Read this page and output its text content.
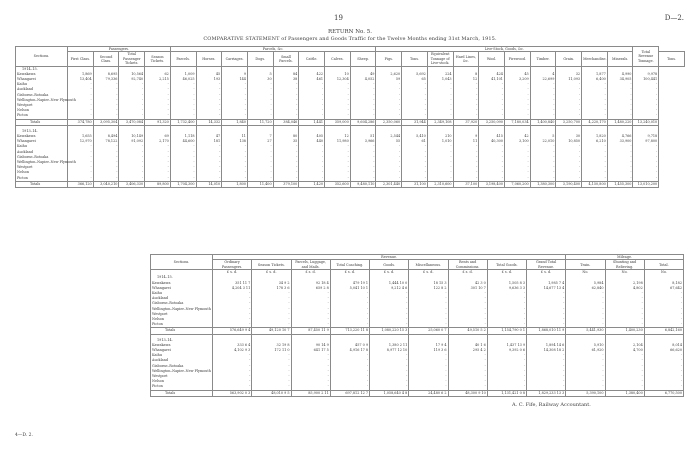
19	D—2.
RETURN No. 5.
COMPARATIVE STATEMENT of Passengers and Goods Traffic for the Twelve Months ending 31st March, 1915.
Sections.	Passengers.				Parcels, &c.								Live-Stock, Goods, &c.										Total Revenue Tonnage.	
	First Class.	Second Class.	Total Passenger Tickets.	Season Tickets.	Parcels.	Horses.	Carriages.	Dogs.	Small Parcels.	Cattle.	Calves.	Sheep.	Pigs.	Tons.	Equivalent Tonnage of Live-stock.	Hard Lines, &c.	Wool.	Firewood.	Timber.	Grain.	Merchandise.	Minerals.		Tons.
1914–15.																								
Kawakawa	1,869	8,695	10,564	62	1,009	45	9	5	84	422	10	49	2,620	5,692	224	8	424	45	4	32	1,877	4,990	9,978	
Whangarei	13,404	79,336	92,740	2,215	46,025	193	144	30	38	461	12,304	4,052	59	65	1,043	12	41,101	3,209	22,699	11,093	6,400	34,905	100,441	
Kaihu	-	-	-	-	-	-	-	-	-	-	-	-	-	-	-	-	-	-	-	-	-	-	-	
Auckland	-	-	-	-	-	-	-	-	-	-	-	-	-	-	-	-	-	-	-	-	-	-	-	
Gisborne–Rotoaka	-	-	-	-	-	-	-	-	-	-	-	-	-	-	-	-	-	-	-	-	-	-	-	
Wellington–Napier–New Plymouth	-	-	-	-	-	-	-	-	-	-	-	-	-	-	-	-	-	-	-	-	-	-	-	
Westport	-	-	-	-	-	-	-	-	-	-	-	-	-	-	-	-	-	-	-	-	-	-	-	
Nelson	-	-	-	-	-	-	-	-	-	-	-	-	-	-	-	-	-	-	-	-	-	-	-	
Picton	-	-	-	-	-	-	-	-	-	-	-	-	-	-	-	-	-	-	-	-	-	-	-	
Totals	374,780	3,095,304	3,470,084	91,320	1,732,400	14,332	1,840	11,720	384,046	1,441	359,000	9,604,286	2,350,060	31,944	2,349,108	37,920	3,250,090	7,180,034	1,400,840	3,250,700	4,220,170	1,480,220	13,240,010	

1913–14.																								
Kawakawa	1,655	8,494	10,149	69	1,118	47	11	7	80	405	12	51	2,544	5,410	210	9	415	42	5	30	1,820	4,766	9,718	
Whangarei	12,970	78,122	91,092	2,170	44,600	181	138	27	35	440	11,980	3,966	55	61	1,010	11	40,300	3,100	22,010	10,850	6,210	33,900	97,800	
Kaihu	-	-	-	-	-	-	-	-	-	-	-	-	-	-	-	-	-	-	-	-	-	-	-	
Auckland	-	-	-	-	-	-	-	-	-	-	-	-	-	-	-	-	-	-	-	-	-	-	-	
Gisborne–Rotoaka	-	-	-	-	-	-	-	-	-	-	-	-	-	-	-	-	-	-	-	-	-	-	-	
Wellington–Napier–New Plymouth	-	-	-	-	-	-	-	-	-	-	-	-	-	-	-	-	-	-	-	-	-	-	-	
Westport	-	-	-	-	-	-	-	-	-	-	-	-	-	-	-	-	-	-	-	-	-	-	-	
Nelson	-	-	-	-	-	-	-	-	-	-	-	-	-	-	-	-	-	-	-	-	-	-	-	
Picton	-	-	-	-	-	-	-	-	-	-	-	-	-	-	-	-	-	-	-	-	-	-	-	
Totals	366,120	3,040,210	3,406,330	89,800	1,704,300	14,010	1,800	11,400	379,100	1,420	352,600	9,480,110	2,301,440	31,100	2,310,600	37,100	3,198,400	7,060,200	1,380,300	3,190,400	4,150,800	1,455,300	13,010,200	
Sections.	Revenue.									Mileage.		
	Ordinary Passengers.	Season Tickets.	Parcels, Luggage, and Mails.	Total Coaching.	Goods.	Miscellaneous.	Rents and Commissions.	Total Goods.	Grand Total Revenue.	Train.	Shunting and Relieving.	Total.
	£ s. d.	£ s. d.	£ s. d.	£ s. d.	£ s. d.	£ s. d.	£ s. d.	£ s. d.	£ s. d.	No.	No.	No.
1914–15.												
Kawakawa	351 11 7	34 9 2	92 18 4	479 19 1	1,444 10 0	18 15 3	42 3 0	1,505 8 3	1,985 7 4	5,984	2,198	8,182
Whangarei	4,204 3 11	178 3 6	659 2 8	5,041 10 1	9,212 4 6	122 8 2	301 10 7	9,636 3 3	14,677 13 4	62,840	4,802	67,642
Kaihu	-	-	-	-	-	-	-	-	-	-	-	-
Auckland	-	-	-	-	-	-	-	-	-	-	-	-
Gisborne–Rotoaka	-	-	-	-	-	-	-	-	-	-	-	-
Wellington–Napier–New Plymouth	-	-	-	-	-	-	-	-	-	-	-	-
Westport	-	-	-	-	-	-	-	-	-	-	-	-
Nelson	-	-	-	-	-	-	-	-	-	-	-	-
Picton	-	-	-	-	-	-	-	-	-	-	-	-
Totals	576,649 9 4	49,120 10 7	87,450 11 9	713,220 11 8	1,080,220 15 3	25,060 0 7	49,510 5 2	1,154,790 0 1	1,868,010 11 9	5,441,930	1,400,230	6,842,160

1913–14.												
Kawakawa	333 6 4	32 19 8	90 14 9	457 0 9	1,380 2 11	17 9 4	40 1 6	1,437 13 9	1,894 14 6	5,910	2,104	8,014
Whangarei	4,102 9 3	172 11 0	641 17 5	4,916 17 8	8,977 12 10	119 3 6	295 4 2	9,392 0 6	14,308 18 2	61,920	4,700	66,620
Kaihu	-	-	-	-	-	-	-	-	-	-	-	-
Auckland	-	-	-	-	-	-	-	-	-	-	-	-
Gisborne–Rotoaka	-	-	-	-	-	-	-	-	-	-	-	-
Wellington–Napier–New Plymouth	-	-	-	-	-	-	-	-	-	-	-	-
Westport	-	-	-	-	-	-	-	-	-	-	-	-
Nelson	-	-	-	-	-	-	-	-	-	-	-	-
Picton	-	-	-	-	-	-	-	-	-	-	-	-
Totals	563,902 0 3	48,010 9 5	85,900 2 11	697,812 12 7	1,058,640 4 8	24,480 6 2	48,300 9 10	1,131,421 0 8	1,829,233 13 3	5,390,100	1,380,400	6,770,500
A. C. Fife, Railway Accountant.
4—D. 2.
